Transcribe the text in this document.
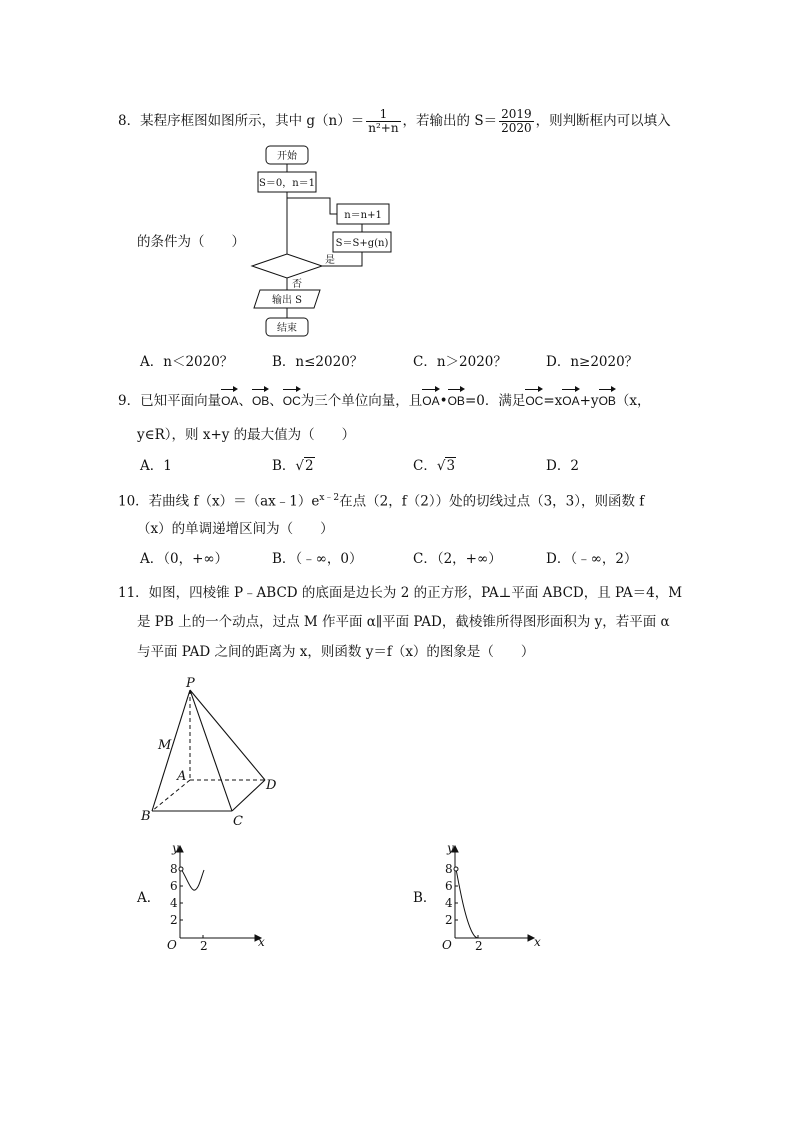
8．某程序框图如图所示，其中 $g(n)= \frac{1}{\text{n²+n}}$ ，若输出的 $S= \frac{2019}{2020}$ ，则判断框内可以填入
开始
S＝0，n＝1
n＝n+1
S＝S+g(n)
是
否
输出 S
结束
的条件为（　　）
A．n＜2020？	B．n≤2020？	C．n＞2020？	D．n≥2020？
9．已知平面向量OA、OB、OC为三个单位向量，且OA•OB=0．满足OC=xOA+yOB（x，
y∈R），则 x+y 的最大值为（　　）
A．1	B．√2	C．√3	D．2
10．若曲线 $f(x)=(ax﹣1)e^{x﹣2}$在点（2，f（2））处的切线过点（3，3），则函数 f
（x）的单调递增区间为（　　）
A．（0，+∞）	B．（﹣∞，0）	C．（2，+∞）	D．（﹣∞，2）
11．如图，四棱锥 P﹣ABCD 的底面是边长为 2 的正方形，PA⊥平面 ABCD，且 PA＝4，M
是 PB 上的一个动点，过点 M 作平面 α∥平面 PAD，截棱锥所得图形面积为 y，若平面 α
与平面 PAD 之间的距离为 x，则函数 y＝f（x）的图象是（　　）
P
M
A
B	C
D
A．
y
8
6
4
2
O 2	x
B．
y
8
6
4
2
O 2	x
